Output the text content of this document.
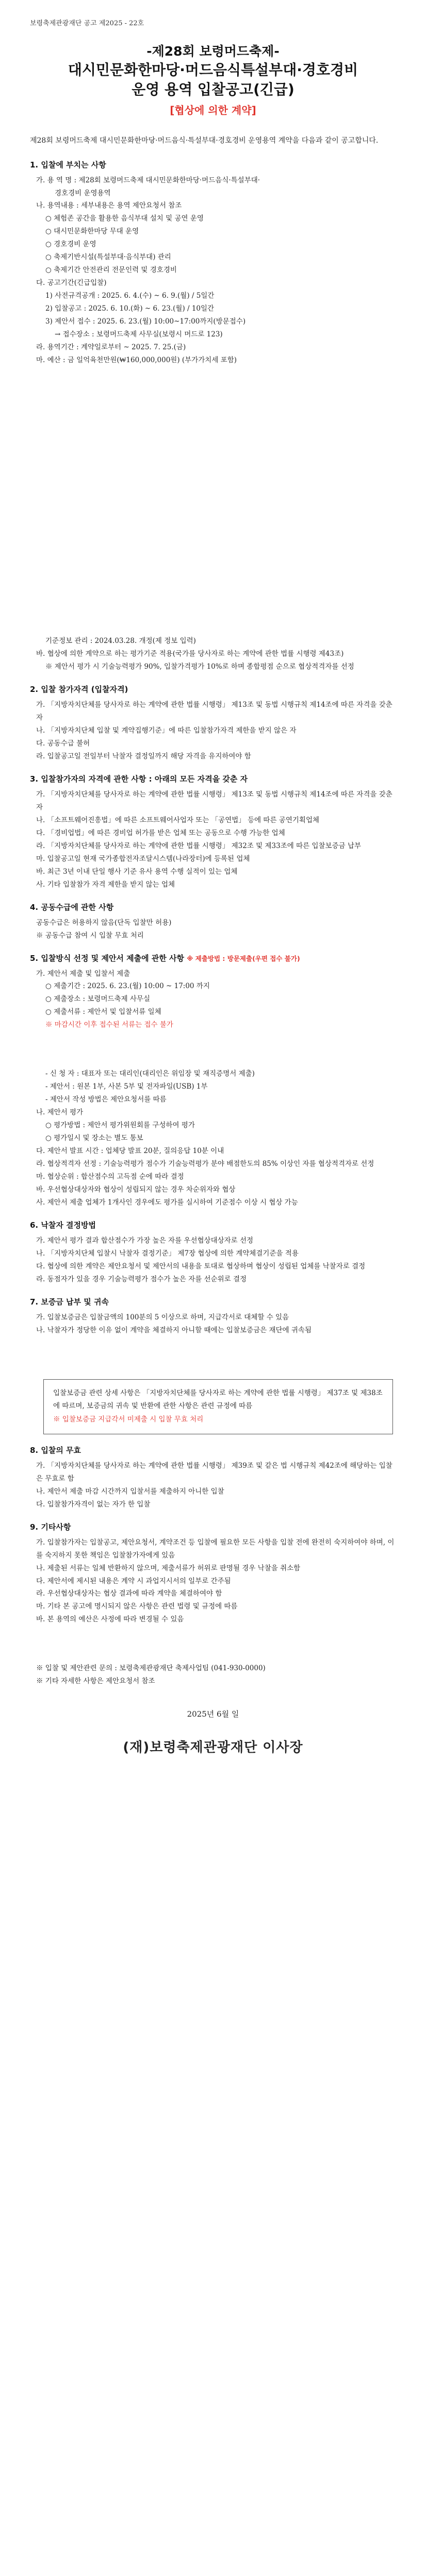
보령축제관광재단 공고 제2025 - 22호
-제28회 보령머드축제-
대시민문화한마당·머드음식특설부대·경호경비
운영 용역 입찰공고(긴급)
[협상에 의한 계약]
제28회 보령머드축제 대시민문화한마당·머드음식·특설부대·경호경비 운영용역 계약을 다음과 같이 공고합니다.
1. 입찰에 부치는 사항
가. 용 역 명 : 제28회 보령머드축제 대시민문화한마당·머드음식·특설부대·
경호경비 운영용역
나. 용역내용 : 세부내용은 용역 제안요청서 참조
○ 체험존 공간을 활용한 음식부대 설치 및 공연 운영
○ 대시민문화한마당 무대 운영
○ 경호경비 운영
○ 축제기반시설(특설부대·음식부대) 관리
○ 축제기간 안전관리 전문인력 및 경호경비
다. 공고기간(긴급입찰)
1) 사전규격공개 : 2025. 6. 4.(수) ~ 6. 9.(월) / 5일간
2) 입찰공고 : 2025. 6. 10.(화) ~ 6. 23.(월) / 10일간
3) 제안서 접수 : 2025. 6. 23.(월) 10:00~17:00까지(방문접수)
→ 접수장소 : 보령머드축제 사무실(보령시 머드로 123)
라. 용역기간 : 계약일로부터 ~ 2025. 7. 25.(금)
마. 예산 : 금 일억육천만원(₩160,000,000원) (부가가치세 포함)
기준정보 관리 : 2024.03.28. 개정(제 정보 입력)
바. 협상에 의한 계약으로 하는 평가기준 적용(국가를 당사자로 하는 계약에 관한 법률 시행령 제43조)
※ 제안서 평가 시 기술능력평가 90%, 입찰가격평가 10%로 하며 종합평점 순으로 협상적격자를 선정
2. 입찰 참가자격 (입찰자격)
가. 「지방자치단체를 당사자로 하는 계약에 관한 법률 시행령」 제13조 및 동법 시행규칙 제14조에 따른 자격을 갖춘 자
나. 「지방자치단체 입찰 및 계약집행기준」에 따른 입찰참가자격 제한을 받지 않은 자
다. 공동수급 불허
라. 입찰공고일 전일부터 낙찰자 결정일까지 해당 자격을 유지하여야 함
3. 입찰참가자의 자격에 관한 사항 : 아래의 모든 자격을 갖춘 자
가. 「지방자치단체를 당사자로 하는 계약에 관한 법률 시행령」 제13조 및 동법 시행규칙 제14조에 따른 자격을 갖춘 자
나. 「소프트웨어진흥법」에 따른 소프트웨어사업자 또는 「공연법」 등에 따른 공연기획업체
다. 「경비업법」에 따른 경비업 허가를 받은 업체 또는 공동으로 수행 가능한 업체
라. 「지방자치단체를 당사자로 하는 계약에 관한 법률 시행령」 제32조 및 제33조에 따른 입찰보증금 납부
마. 입찰공고일 현재 국가종합전자조달시스템(나라장터)에 등록된 업체
바. 최근 3년 이내 단일 행사 기준 유사 용역 수행 실적이 있는 업체
사. 기타 입찰참가 자격 제한을 받지 않는 업체
4. 공동수급에 관한 사항
공동수급은 허용하지 않음(단독 입찰만 허용)
※ 공동수급 참여 시 입찰 무효 처리
5. 입찰방식 선정 및 제안서 제출에 관한 사항 ※ 제출방법 : 방문제출(우편 접수 불가)
가. 제안서 제출 및 입찰서 제출
○ 제출기간 : 2025. 6. 23.(월) 10:00 ~ 17:00 까지
○ 제출장소 : 보령머드축제 사무실
○ 제출서류 : 제안서 및 입찰서류 일체
※ 마감시간 이후 접수된 서류는 접수 불가
- 신 청 자 : 대표자 또는 대리인(대리인은 위임장 및 재직증명서 제출)
- 제안서 : 원본 1부, 사본 5부 및 전자파일(USB) 1부
- 제안서 작성 방법은 제안요청서를 따름
나. 제안서 평가
○ 평가방법 : 제안서 평가위원회를 구성하여 평가
○ 평가일시 및 장소는 별도 통보
다. 제안서 발표 시간 : 업체당 발표 20분, 질의응답 10분 이내
라. 협상적격자 선정 : 기술능력평가 점수가 기술능력평가 분야 배점한도의 85% 이상인 자를 협상적격자로 선정
마. 협상순위 : 합산점수의 고득점 순에 따라 결정
바. 우선협상대상자와 협상이 성립되지 않는 경우 차순위자와 협상
사. 제안서 제출 업체가 1개사인 경우에도 평가를 실시하여 기준점수 이상 시 협상 가능
6. 낙찰자 결정방법
가. 제안서 평가 결과 합산점수가 가장 높은 자를 우선협상대상자로 선정
나. 「지방자치단체 입찰시 낙찰자 결정기준」 제7장 협상에 의한 계약체결기준을 적용
다. 협상에 의한 계약은 제안요청서 및 제안서의 내용을 토대로 협상하며 협상이 성립된 업체를 낙찰자로 결정
라. 동점자가 있을 경우 기술능력평가 점수가 높은 자를 선순위로 결정
7. 보증금 납부 및 귀속
가. 입찰보증금은 입찰금액의 100분의 5 이상으로 하며, 지급각서로 대체할 수 있음
나. 낙찰자가 정당한 이유 없이 계약을 체결하지 아니할 때에는 입찰보증금은 재단에 귀속됨
입찰보증금 관련 상세 사항은 「지방자치단체를 당사자로 하는 계약에 관한 법률 시행령」 제37조 및 제38조에 따르며, 보증금의 귀속 및 반환에 관한 사항은 관련 규정에 따름
※ 입찰보증금 지급각서 미제출 시 입찰 무효 처리
8. 입찰의 무효
가. 「지방자치단체를 당사자로 하는 계약에 관한 법률 시행령」 제39조 및 같은 법 시행규칙 제42조에 해당하는 입찰은 무효로 함
나. 제안서 제출 마감 시간까지 입찰서를 제출하지 아니한 입찰
다. 입찰참가자격이 없는 자가 한 입찰
9. 기타사항
가. 입찰참가자는 입찰공고, 제안요청서, 계약조건 등 입찰에 필요한 모든 사항을 입찰 전에 완전히 숙지하여야 하며, 이를 숙지하지 못한 책임은 입찰참가자에게 있음
나. 제출된 서류는 일체 반환하지 않으며, 제출서류가 허위로 판명될 경우 낙찰을 취소함
다. 제안서에 제시된 내용은 계약 시 과업지시서의 일부로 간주됨
라. 우선협상대상자는 협상 결과에 따라 계약을 체결하여야 함
마. 기타 본 공고에 명시되지 않은 사항은 관련 법령 및 규정에 따름
바. 본 용역의 예산은 사정에 따라 변경될 수 있음
※ 입찰 및 제안관련 문의 : 보령축제관광재단 축제사업팀 (041-930-0000)
※ 기타 자세한 사항은 제안요청서 참조
2025년 6월 일
(재)보령축제관광재단 이사장
